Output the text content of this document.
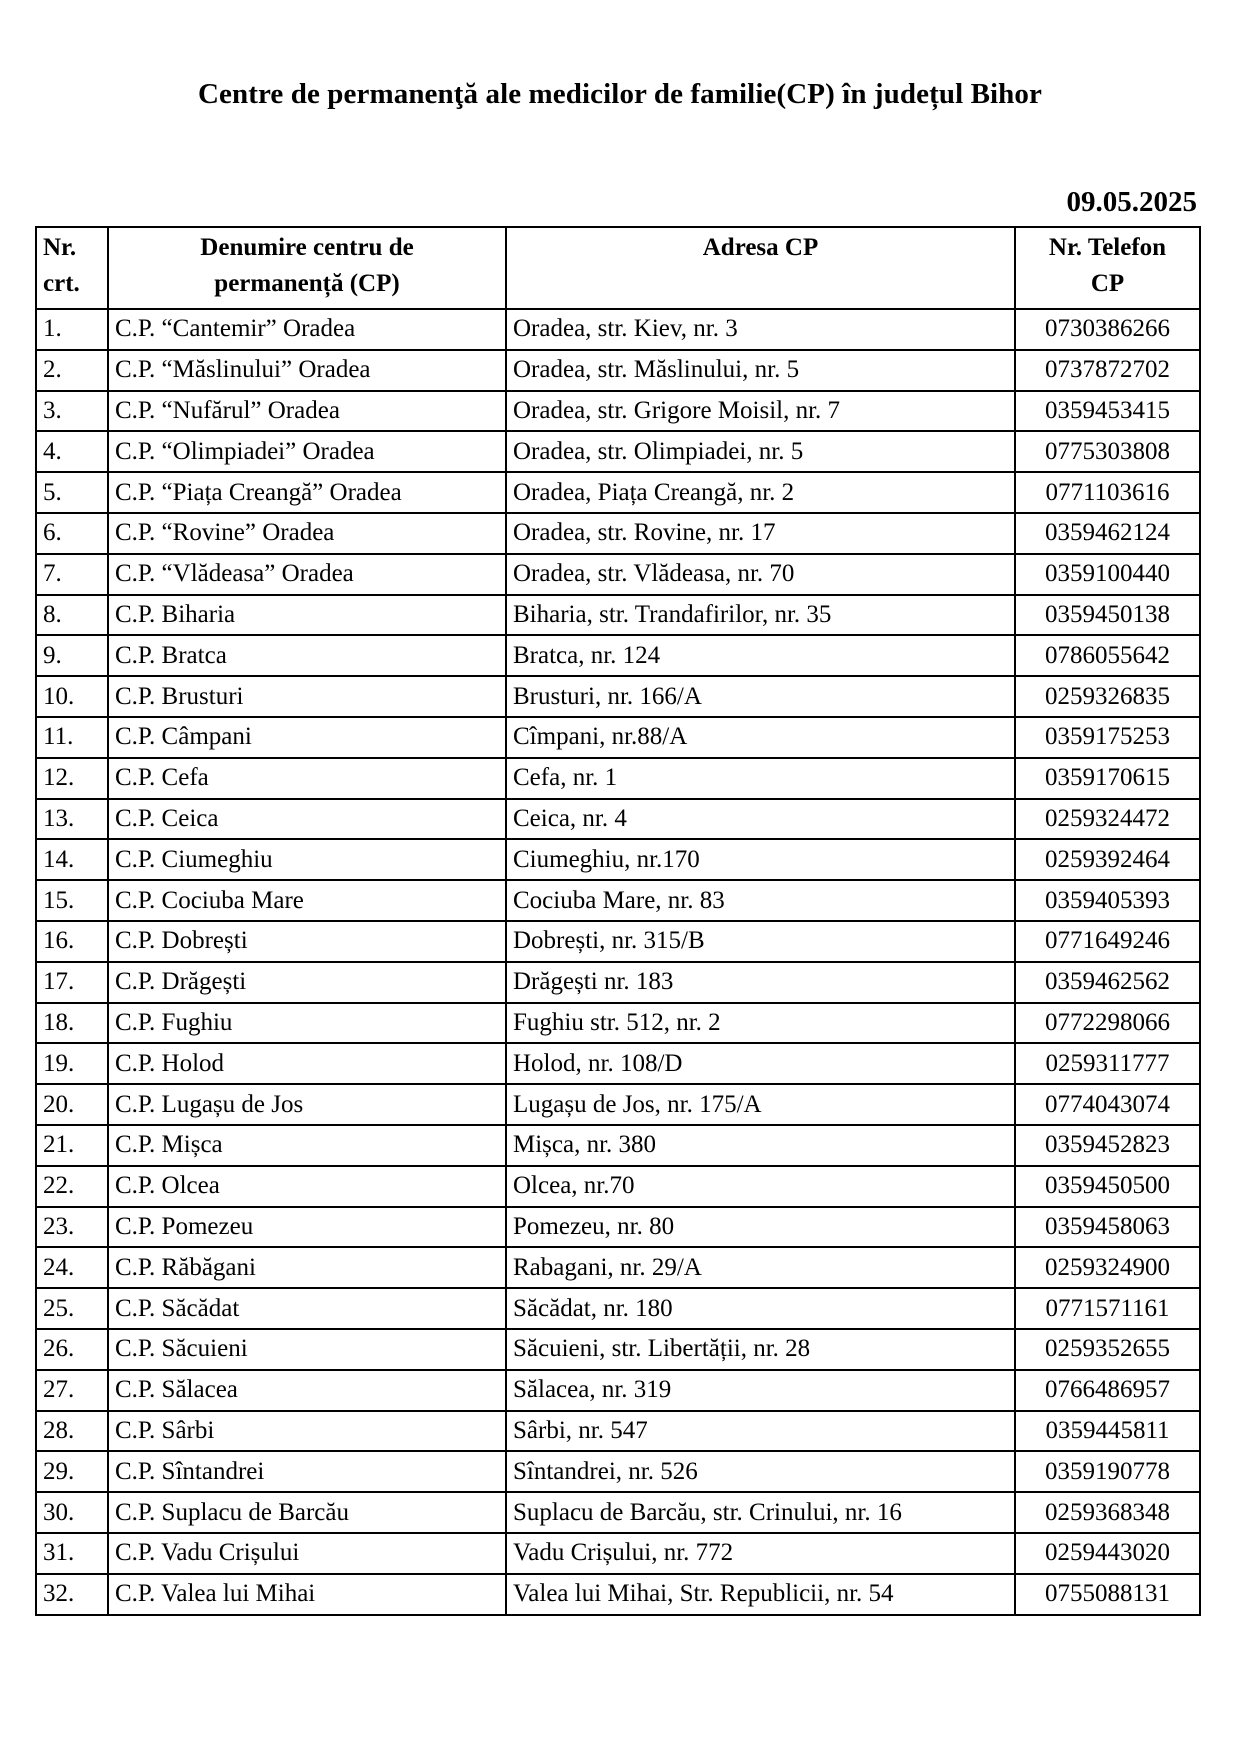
Centre de permanenţă ale medicilor de familie(CP) în județul Bihor
09.05.2025
Nr. crt.	Denumire centru de permanență (CP)	Adresa CP	Nr. Telefon CP
1.	C.P. “Cantemir” Oradea	Oradea, str. Kiev, nr. 3	0730386266
2.	C.P. “Măslinului” Oradea	Oradea, str. Măslinului, nr. 5	0737872702
3.	C.P. “Nufărul” Oradea	Oradea, str. Grigore Moisil, nr. 7	0359453415
4.	C.P. “Olimpiadei” Oradea	Oradea, str. Olimpiadei, nr. 5	0775303808
5.	C.P. “Piața Creangă” Oradea	Oradea, Piața Creangă, nr. 2	0771103616
6.	C.P. “Rovine” Oradea	Oradea, str. Rovine, nr. 17	0359462124
7.	C.P. “Vlădeasa” Oradea	Oradea, str. Vlădeasa, nr. 70	0359100440
8.	C.P. Biharia	Biharia, str. Trandafirilor, nr. 35	0359450138
9.	C.P. Bratca	Bratca, nr. 124	0786055642
10.	C.P. Brusturi	Brusturi, nr. 166/A	0259326835
11.	C.P. Câmpani	Cîmpani, nr.88/A	0359175253
12.	C.P. Cefa	Cefa, nr. 1	0359170615
13.	C.P. Ceica	Ceica, nr. 4	0259324472
14.	C.P. Ciumeghiu	Ciumeghiu, nr.170	0259392464
15.	C.P. Cociuba Mare	Cociuba Mare, nr. 83	0359405393
16.	C.P. Dobrești	Dobrești, nr. 315/B	0771649246
17.	C.P. Drăgești	Drăgești nr. 183	0359462562
18.	C.P. Fughiu	Fughiu str. 512, nr. 2	0772298066
19.	C.P. Holod	Holod, nr. 108/D	0259311777
20.	C.P. Lugașu de Jos	Lugașu de Jos, nr. 175/A	0774043074
21.	C.P. Mișca	Mișca, nr. 380	0359452823
22.	C.P. Olcea	Olcea, nr.70	0359450500
23.	C.P. Pomezeu	Pomezeu, nr. 80	0359458063
24.	C.P. Răbăgani	Rabagani, nr. 29/A	0259324900
25.	C.P. Săcădat	Săcădat, nr. 180	0771571161
26.	C.P. Săcuieni	Săcuieni, str. Libertății, nr. 28	0259352655
27.	C.P. Sălacea	Sălacea, nr. 319	0766486957
28.	C.P. Sârbi	Sârbi, nr. 547	0359445811
29.	C.P. Sîntandrei	Sîntandrei, nr. 526	0359190778
30.	C.P. Suplacu de Barcău	Suplacu de Barcău, str. Crinului, nr. 16	0259368348
31.	C.P. Vadu Crișului	Vadu Crișului, nr. 772	0259443020
32.	C.P. Valea lui Mihai	Valea lui Mihai, Str. Republicii, nr. 54	0755088131
